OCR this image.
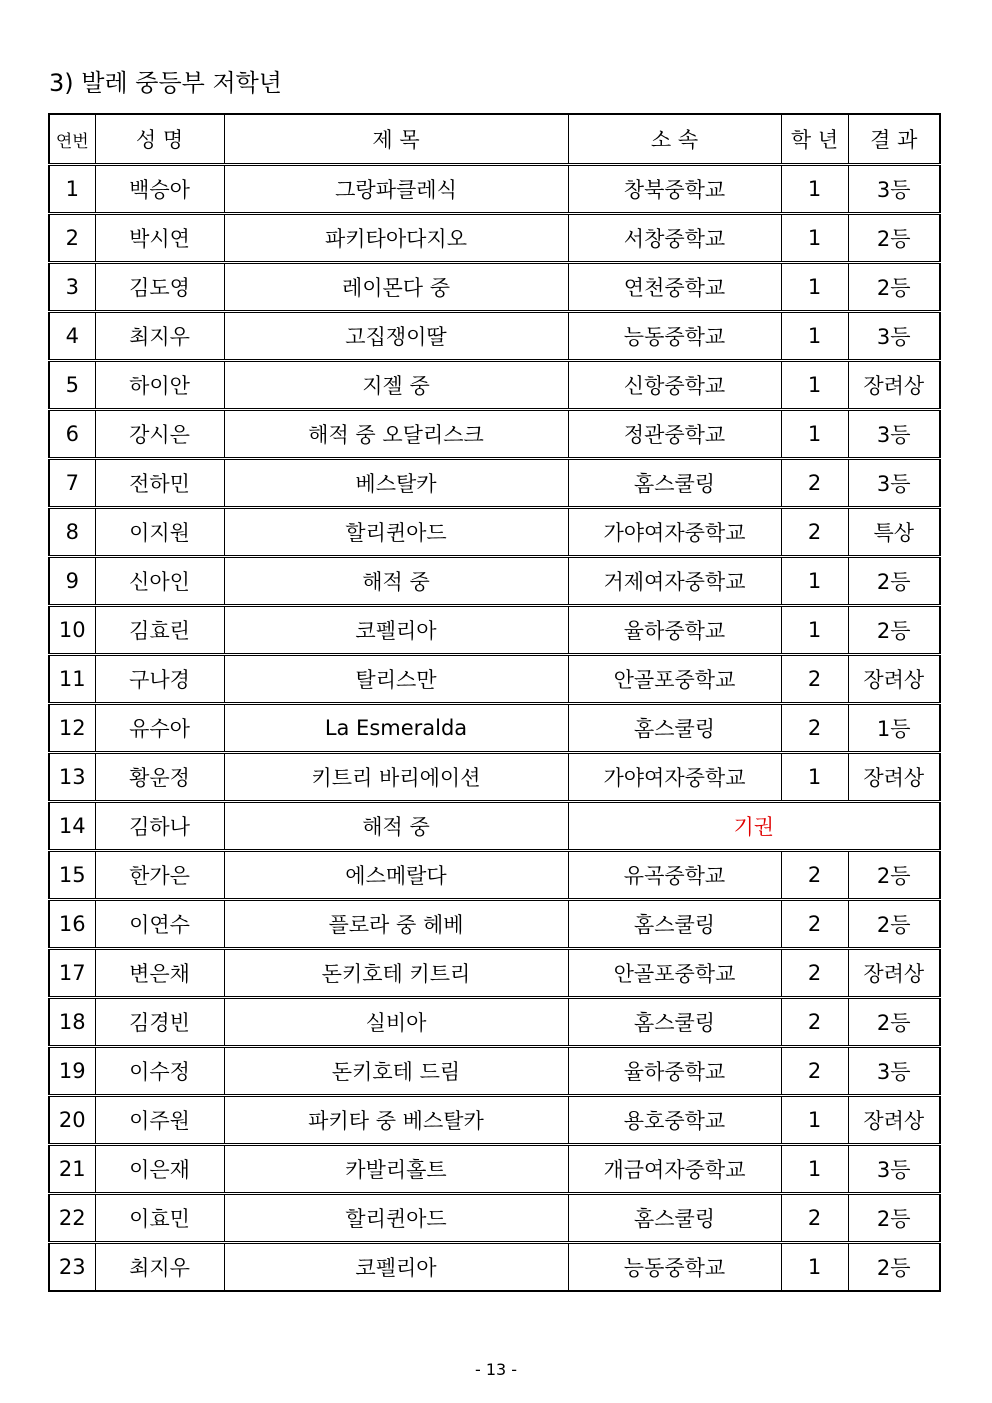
3) 발레 중등부 저학년
연번	성 명	제 목	소 속	학 년	결 과
1	백승아	그랑파클레식	창북중학교	1	3등
2	박시연	파키타아다지오	서창중학교	1	2등
3	김도영	레이몬다 중	연천중학교	1	2등
4	최지우	고집쟁이딸	능동중학교	1	3등
5	하이안	지젤 중	신항중학교	1	장려상
6	강시은	해적 중 오달리스크	정관중학교	1	3등
7	전하민	베스탈카	홈스쿨링	2	3등
8	이지원	할리퀸아드	가야여자중학교	2	특상
9	신아인	해적 중	거제여자중학교	1	2등
10	김효린	코펠리아	율하중학교	1	2등
11	구나경	탈리스만	안골포중학교	2	장려상
12	유수아	La Esmeralda	홈스쿨링	2	1등
13	황운정	키트리 바리에이션	가야여자중학교	1	장려상
14	김하나	해적 중	기권		
15	한가은	에스메랄다	유곡중학교	2	2등
16	이연수	플로라 중 헤베	홈스쿨링	2	2등
17	변은채	돈키호테 키트리	안골포중학교	2	장려상
18	김경빈	실비아	홈스쿨링	2	2등
19	이수정	돈키호테 드림	율하중학교	2	3등
20	이주원	파키타 중 베스탈카	용호중학교	1	장려상
21	이은재	카발리홀트	개금여자중학교	1	3등
22	이효민	할리퀸아드	홈스쿨링	2	2등
23	최지우	코펠리아	능동중학교	1	2등
- 13 -
